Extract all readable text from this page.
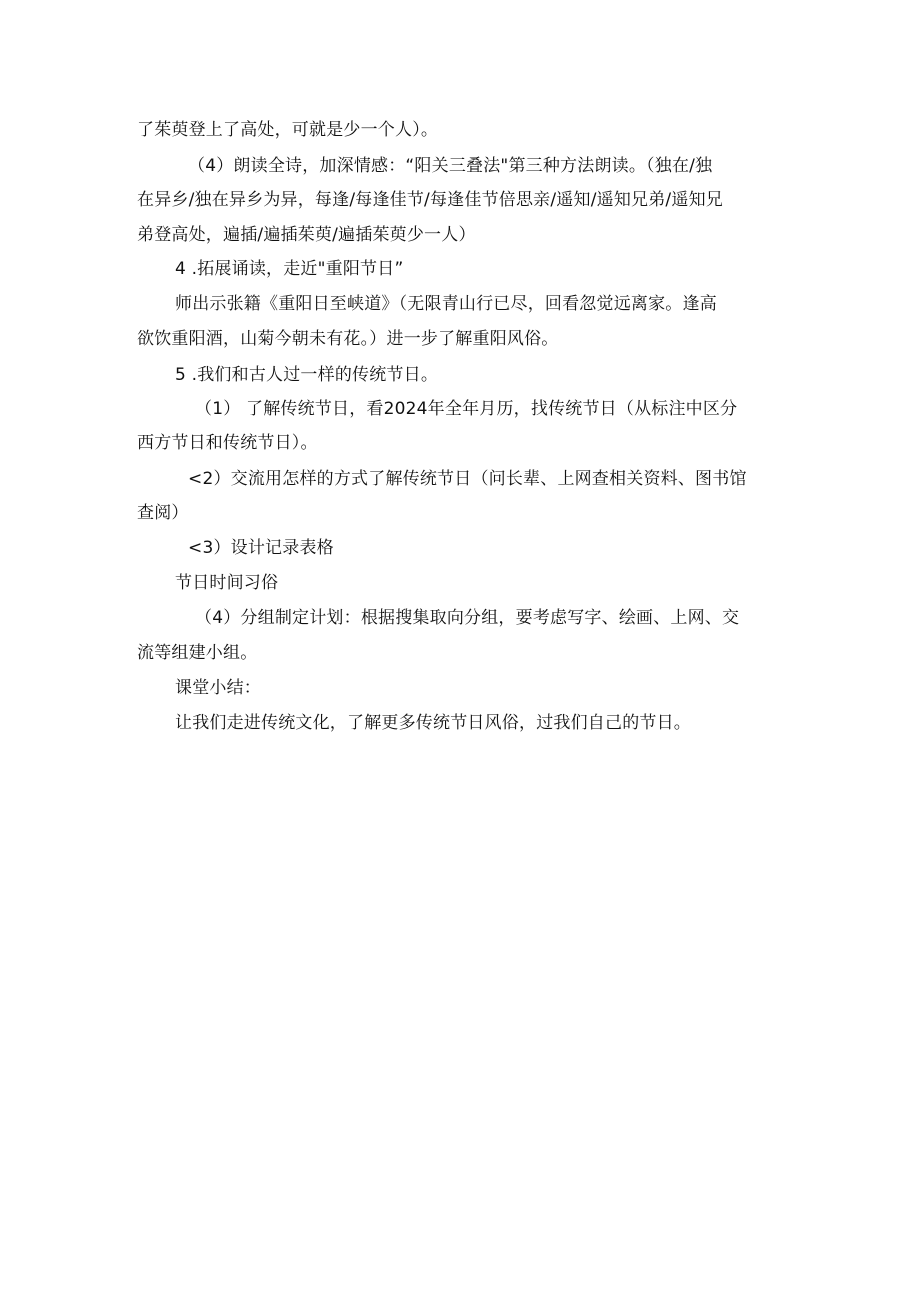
了茱萸登上了高处，可就是少一个人）。
（4）朗读全诗，加深情感：“阳关三叠法"第三种方法朗读。（独在/独
在异乡/独在异乡为异，每逢/每逢佳节/每逢佳节倍思亲/遥知/遥知兄弟/遥知兄
弟登高处，遍插/遍插茱萸/遍插茱萸少一人）
4 .拓展诵读，走近"重阳节日”
师出示张籍《重阳日至峡道》（无限青山行已尽，回看忽觉远离家。逢高
欲饮重阳酒，山菊今朝未有花。）进一步了解重阳风俗。
5 .我们和古人过一样的传统节日。
（1） 了解传统节日，看2024年全年月历，找传统节日（从标注中区分
西方节日和传统节日）。
<2）交流用怎样的方式了解传统节日（问长辈、上网查相关资料、图书馆
查阅）
<3）设计记录表格
节日时间习俗
（4）分组制定计划：根据搜集取向分组，要考虑写字、绘画、上网、交
流等组建小组。
课堂小结：
让我们走进传统文化，了解更多传统节日风俗，过我们自己的节日。
